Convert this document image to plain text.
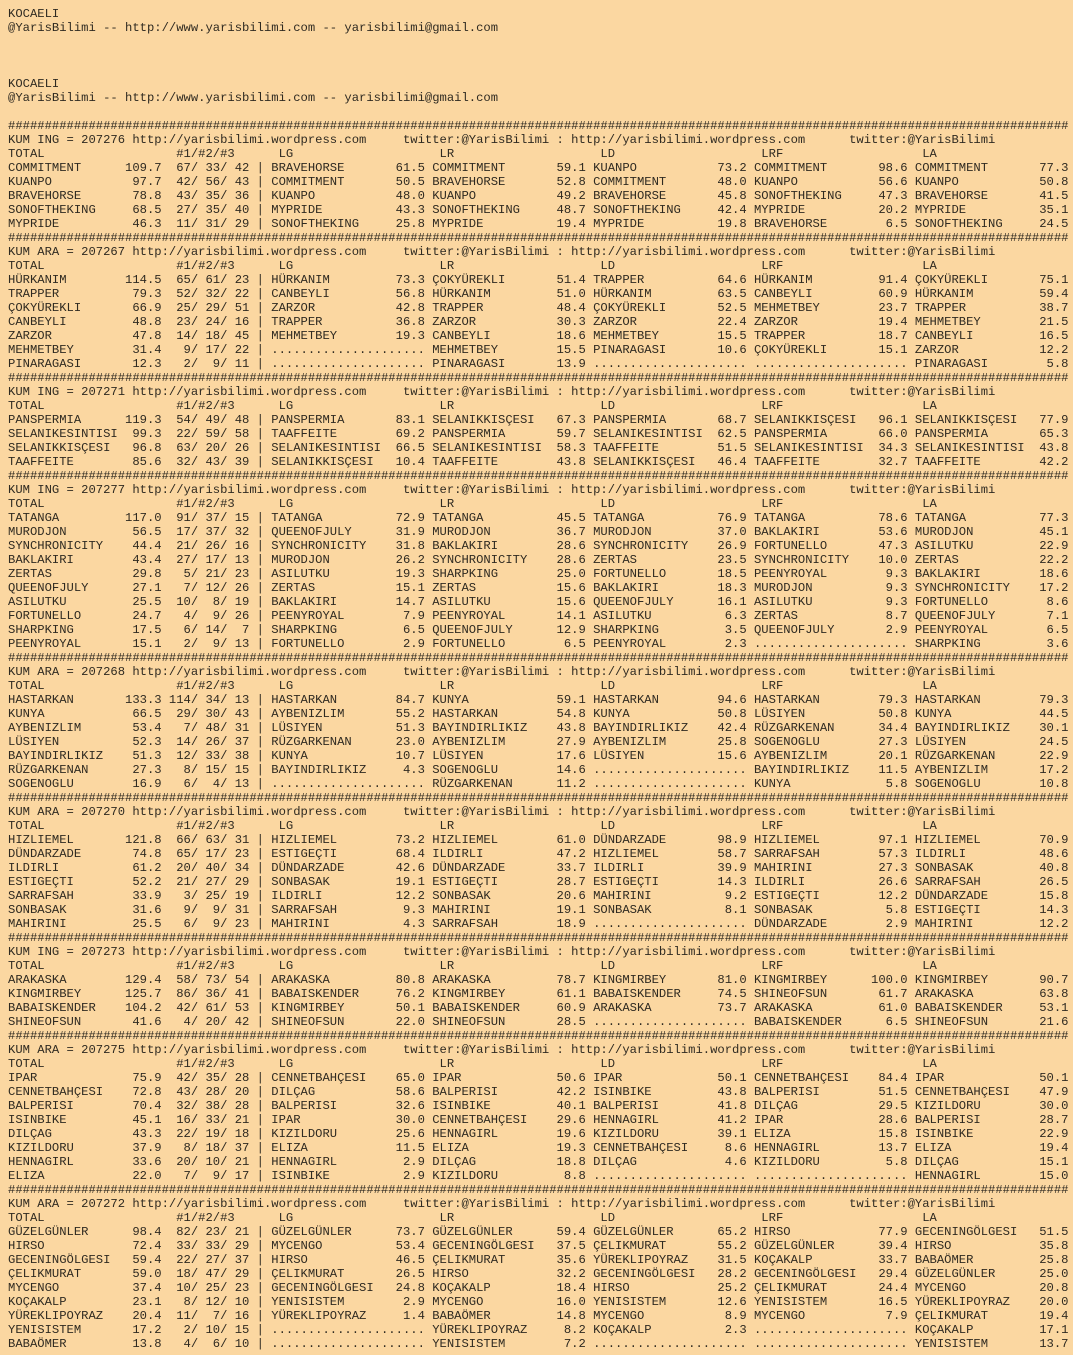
KOCAELI
@YarisBilimi -- http://www.yarisbilimi.com -- yarisbilimi@gmail.com
KOCAELI
@YarisBilimi -- http://www.yarisbilimi.com -- yarisbilimi@gmail.com
#################################################################################################################################################
KUM ING = 207276 http://yarisbilimi.wordpress.com     twitter:@YarisBilimi : http://yarisbilimi.wordpress.com      twitter:@YarisBilimi
TOTAL                  #1/#2/#3      LG                    LR                    LD                    LRF                   LA
COMMITMENT      109.7  67/ 33/ 42 | BRAVEHORSE       61.5 COMMITMENT       59.1 KUANPO           73.2 COMMITMENT       98.6 COMMITMENT       77.3
KUANPO           97.7  42/ 56/ 43 | COMMITMENT       50.5 BRAVEHORSE       52.8 COMMITMENT       48.0 KUANPO           56.6 KUANPO           50.8
BRAVEHORSE       78.8  43/ 35/ 36 | KUANPO           48.0 KUANPO           49.2 BRAVEHORSE       45.8 SONOFTHEKING     47.3 BRAVEHORSE       41.5
SONOFTHEKING     68.5  27/ 35/ 40 | MYPRIDE          43.3 SONOFTHEKING     48.7 SONOFTHEKING     42.4 MYPRIDE          20.2 MYPRIDE          35.1
MYPRIDE          46.3  11/ 31/ 29 | SONOFTHEKING     25.8 MYPRIDE          19.4 MYPRIDE          19.8 BRAVEHORSE        6.5 SONOFTHEKING     24.5
#################################################################################################################################################
KUM ARA = 207267 http://yarisbilimi.wordpress.com     twitter:@YarisBilimi : http://yarisbilimi.wordpress.com      twitter:@YarisBilimi
TOTAL                  #1/#2/#3      LG                    LR                    LD                    LRF                   LA
HÜRKANIM        114.5  65/ 61/ 23 | HÜRKANIM         73.3 ÇOKYÜREKLI       51.4 TRAPPER          64.6 HÜRKANIM         91.4 ÇOKYÜREKLI       75.1
TRAPPER          79.3  52/ 32/ 22 | CANBEYLI         56.8 HÜRKANIM         51.0 HÜRKANIM         63.5 CANBEYLI         60.9 HÜRKANIM         59.4
ÇOKYÜREKLI       66.9  25/ 29/ 51 | ZARZOR           42.8 TRAPPER          48.4 ÇOKYÜREKLI       52.5 MEHMETBEY        23.7 TRAPPER          38.7
CANBEYLI         48.8  23/ 24/ 16 | TRAPPER          36.8 ZARZOR           30.3 ZARZOR           22.4 ZARZOR           19.4 MEHMETBEY        21.5
ZARZOR           47.8  14/ 18/ 45 | MEHMETBEY        19.3 CANBEYLI         18.6 MEHMETBEY        15.5 TRAPPER          18.7 CANBEYLI         16.5
MEHMETBEY        31.4   9/ 17/ 22 | ..................... MEHMETBEY        15.5 PINARAGASI       10.6 ÇOKYÜREKLI       15.1 ZARZOR           12.2
PINARAGASI       12.3   2/  9/ 11 | ..................... PINARAGASI       13.9 ..................... ..................... PINARAGASI        5.8
#################################################################################################################################################
KUM ING = 207271 http://yarisbilimi.wordpress.com     twitter:@YarisBilimi : http://yarisbilimi.wordpress.com      twitter:@YarisBilimi
TOTAL                  #1/#2/#3      LG                    LR                    LD                    LRF                   LA
PANSPERMIA      119.3  54/ 49/ 48 | PANSPERMIA       83.1 SELANIKKISÇESI   67.3 PANSPERMIA       68.7 SELANIKKISÇESI   96.1 SELANIKKISÇESI   77.9
SELANIKESINTISI  99.3  22/ 59/ 58 | TAAFFEITE        69.2 PANSPERMIA       59.7 SELANIKESINTISI  62.5 PANSPERMIA       66.0 PANSPERMIA       65.3
SELANIKKISÇESI   96.8  63/ 20/ 26 | SELANIKESINTISI  66.5 SELANIKESINTISI  58.3 TAAFFEITE        51.5 SELANIKESINTISI  34.3 SELANIKESINTISI  43.8
TAAFFEITE        85.6  32/ 43/ 39 | SELANIKKISÇESI   10.4 TAAFFEITE        43.8 SELANIKKISÇESI   46.4 TAAFFEITE        32.7 TAAFFEITE        42.2
#################################################################################################################################################
KUM ING = 207277 http://yarisbilimi.wordpress.com     twitter:@YarisBilimi : http://yarisbilimi.wordpress.com      twitter:@YarisBilimi
TOTAL                  #1/#2/#3      LG                    LR                    LD                    LRF                   LA
TATANGA         117.0  91/ 37/ 15 | TATANGA          72.9 TATANGA          45.5 TATANGA          76.9 TATANGA          78.6 TATANGA          77.3
MURODJON         56.5  17/ 37/ 32 | QUEENOFJULY      31.9 MURODJON         36.7 MURODJON         37.0 BAKLAKIRI        53.6 MURODJON         45.1
SYNCHRONICITY    44.4  21/ 26/ 16 | SYNCHRONICITY    31.8 BAKLAKIRI        28.6 SYNCHRONICITY    26.9 FORTUNELLO       47.3 ASILUTKU         22.9
BAKLAKIRI        43.4  27/ 17/ 13 | MURODJON         26.2 SYNCHRONICITY    28.6 ZERTAS           23.5 SYNCHRONICITY    10.0 ZERTAS           22.2
ZERTAS           29.8   5/ 21/ 23 | ASILUTKU         19.3 SHARPKING        25.0 FORTUNELLO       18.5 PEENYROYAL        9.3 BAKLAKIRI        18.6
QUEENOFJULY      27.1   7/ 12/ 26 | ZERTAS           15.1 ZERTAS           15.6 BAKLAKIRI        18.3 MURODJON          9.3 SYNCHRONICITY    17.2
ASILUTKU         25.5  10/  8/ 19 | BAKLAKIRI        14.7 ASILUTKU         15.6 QUEENOFJULY      16.1 ASILUTKU          9.3 FORTUNELLO        8.6
FORTUNELLO       24.7   4/  9/ 26 | PEENYROYAL        7.9 PEENYROYAL       14.1 ASILUTKU          6.3 ZERTAS            8.7 QUEENOFJULY       7.1
SHARPKING        17.5   6/ 14/  7 | SHARPKING         6.5 QUEENOFJULY      12.9 SHARPKING         3.5 QUEENOFJULY       2.9 PEENYROYAL        6.5
PEENYROYAL       15.1   2/  9/ 13 | FORTUNELLO        2.9 FORTUNELLO        6.5 PEENYROYAL        2.3 ..................... SHARPKING         3.6
#################################################################################################################################################
KUM ARA = 207268 http://yarisbilimi.wordpress.com     twitter:@YarisBilimi : http://yarisbilimi.wordpress.com      twitter:@YarisBilimi
TOTAL                  #1/#2/#3      LG                    LR                    LD                    LRF                   LA
HASTARKAN       133.3 114/ 34/ 13 | HASTARKAN        84.7 KUNYA            59.1 HASTARKAN        94.6 HASTARKAN        79.3 HASTARKAN        79.3
KUNYA            66.5  29/ 30/ 43 | AYBENIZLIM       55.2 HASTARKAN        54.8 KUNYA            50.8 LÜSIYEN          50.8 KUNYA            44.5
AYBENIZLIM       53.4   7/ 48/ 31 | LÜSIYEN          51.3 BAYINDIRLIKIZ    43.8 BAYINDIRLIKIZ    42.4 RÜZGARKENAN      34.4 BAYINDIRLIKIZ    30.1
LÜSIYEN          52.3  14/ 26/ 37 | RÜZGARKENAN      23.0 AYBENIZLIM       27.9 AYBENIZLIM       25.8 SOGENOGLU        27.3 LÜSIYEN          24.5
BAYINDIRLIKIZ    51.3  12/ 33/ 38 | KUNYA            10.7 LÜSIYEN          17.6 LÜSIYEN          15.6 AYBENIZLIM       20.1 RÜZGARKENAN      22.9
RÜZGARKENAN      27.3   8/ 15/ 15 | BAYINDIRLIKIZ     4.3 SOGENOGLU        14.6 ..................... BAYINDIRLIKIZ    11.5 AYBENIZLIM       17.2
SOGENOGLU        16.9   6/  4/ 13 | ..................... RÜZGARKENAN      11.2 ..................... KUNYA             5.8 SOGENOGLU        10.8
#################################################################################################################################################
KUM ARA = 207270 http://yarisbilimi.wordpress.com     twitter:@YarisBilimi : http://yarisbilimi.wordpress.com      twitter:@YarisBilimi
TOTAL                  #1/#2/#3      LG                    LR                    LD                    LRF                   LA
HIZLIEMEL       121.8  66/ 63/ 31 | HIZLIEMEL        73.2 HIZLIEMEL        61.0 DÜNDARZADE       98.9 HIZLIEMEL        97.1 HIZLIEMEL        70.9
DÜNDARZADE       74.8  65/ 17/ 23 | ESTIGEÇTI        68.4 ILDIRLI          47.2 HIZLIEMEL        58.7 SARRAFSAH        57.3 ILDIRLI          48.6
ILDIRLI          61.2  20/ 40/ 34 | DÜNDARZADE       42.6 DÜNDARZADE       33.7 ILDIRLI          39.9 MAHIRINI         27.3 SONBASAK         40.8
ESTIGEÇTI        52.2  21/ 27/ 29 | SONBASAK         19.1 ESTIGEÇTI        28.7 ESTIGEÇTI        14.3 ILDIRLI          26.6 SARRAFSAH        26.5
SARRAFSAH        33.9   3/ 25/ 19 | ILDIRLI          12.2 SONBASAK         20.6 MAHIRINI          9.2 ESTIGEÇTI        12.2 DÜNDARZADE       15.8
SONBASAK         31.6   9/  9/ 31 | SARRAFSAH         9.3 MAHIRINI         19.1 SONBASAK          8.1 SONBASAK          5.8 ESTIGEÇTI        14.3
MAHIRINI         25.5   6/  9/ 23 | MAHIRINI          4.3 SARRAFSAH        18.9 ..................... DÜNDARZADE        2.9 MAHIRINI         12.2
#################################################################################################################################################
KUM ING = 207273 http://yarisbilimi.wordpress.com     twitter:@YarisBilimi : http://yarisbilimi.wordpress.com      twitter:@YarisBilimi
TOTAL                  #1/#2/#3      LG                    LR                    LD                    LRF                   LA
ARAKASKA        129.4  58/ 73/ 54 | ARAKASKA         80.8 ARAKASKA         78.7 KINGMIRBEY       81.0 KINGMIRBEY      100.0 KINGMIRBEY       90.7
KINGMIRBEY      125.7  86/ 36/ 41 | BABAISKENDER     76.2 KINGMIRBEY       61.1 BABAISKENDER     74.5 SHINEOFSUN       61.7 ARAKASKA         63.8
BABAISKENDER    104.2  42/ 61/ 53 | KINGMIRBEY       50.1 BABAISKENDER     60.9 ARAKASKA         73.7 ARAKASKA         61.0 BABAISKENDER     53.1
SHINEOFSUN       41.6   4/ 20/ 42 | SHINEOFSUN       22.0 SHINEOFSUN       28.5 ..................... BABAISKENDER      6.5 SHINEOFSUN       21.6
#################################################################################################################################################
KUM ARA = 207275 http://yarisbilimi.wordpress.com     twitter:@YarisBilimi : http://yarisbilimi.wordpress.com      twitter:@YarisBilimi
TOTAL                  #1/#2/#3      LG                    LR                    LD                    LRF                   LA
IPAR             75.9  42/ 35/ 28 | CENNETBAHÇESI    65.0 IPAR             50.6 IPAR             50.1 CENNETBAHÇESI    84.4 IPAR             50.1
CENNETBAHÇESI    72.8  43/ 28/ 20 | DILÇAG           58.6 BALPERISI        42.2 ISINBIKE         43.8 BALPERISI        51.5 CENNETBAHÇESI    47.9
BALPERISI        70.4  32/ 38/ 28 | BALPERISI        32.6 ISINBIKE         40.1 BALPERISI        41.8 DILÇAG           29.5 KIZILDORU        30.0
ISINBIKE         45.1  16/ 33/ 21 | IPAR             30.0 CENNETBAHÇESI    29.6 HENNAGIRL        41.2 IPAR             28.6 BALPERISI        28.7
DILÇAG           43.3  22/ 19/ 18 | KIZILDORU        25.6 HENNAGIRL        19.6 KIZILDORU        39.1 ELIZA            15.8 ISINBIKE         22.9
KIZILDORU        37.9   8/ 18/ 37 | ELIZA            11.5 ELIZA            19.3 CENNETBAHÇESI     8.6 HENNAGIRL        13.7 ELIZA            19.4
HENNAGIRL        33.6  20/ 10/ 21 | HENNAGIRL         2.9 DILÇAG           18.8 DILÇAG            4.6 KIZILDORU         5.8 DILÇAG           15.1
ELIZA            22.0   7/  9/ 17 | ISINBIKE          2.9 KIZILDORU         8.8 ..................... ..................... HENNAGIRL        15.0
#################################################################################################################################################
KUM ARA = 207272 http://yarisbilimi.wordpress.com     twitter:@YarisBilimi : http://yarisbilimi.wordpress.com      twitter:@YarisBilimi
TOTAL                  #1/#2/#3      LG                    LR                    LD                    LRF                   LA
GÜZELGÜNLER      98.4  82/ 23/ 21 | GÜZELGÜNLER      73.7 GÜZELGÜNLER      59.4 GÜZELGÜNLER      65.2 HIRSO            77.9 GECENINGÖLGESI   51.5
HIRSO            72.4  33/ 33/ 29 | MYCENGO          53.4 GECENINGÖLGESI   37.5 ÇELIKMURAT       55.2 GÜZELGÜNLER      39.4 HIRSO            35.8
GECENINGÖLGESI   59.4  22/ 27/ 37 | HIRSO            46.5 ÇELIKMURAT       35.6 YÜREKLIPOYRAZ    31.5 KOÇAKALP         33.7 BABAÖMER         25.8
ÇELIKMURAT       59.0  18/ 47/ 29 | ÇELIKMURAT       26.5 HIRSO            32.2 GECENINGÖLGESI   28.2 GECENINGÖLGESI   29.4 GÜZELGÜNLER      25.0
MYCENGO          37.4  10/ 25/ 23 | GECENINGÖLGESI   24.8 KOÇAKALP         18.4 HIRSO            25.2 ÇELIKMURAT       24.4 MYCENGO          20.8
KOÇAKALP         23.1   8/ 12/ 10 | YENISISTEM        2.9 MYCENGO          16.0 YENISISTEM       12.6 YENISISTEM       16.5 YÜREKLIPOYRAZ    20.0
YÜREKLIPOYRAZ    20.4  11/  7/ 16 | YÜREKLIPOYRAZ     1.4 BABAÖMER         14.8 MYCENGO           8.9 MYCENGO           7.9 ÇELIKMURAT       19.4
YENISISTEM       17.2   2/ 10/ 15 | ..................... YÜREKLIPOYRAZ     8.2 KOÇAKALP          2.3 ..................... KOÇAKALP         17.1
BABAÖMER         13.8   4/  6/ 10 | ..................... YENISISTEM        7.2 ..................... ..................... YENISISTEM       13.7
